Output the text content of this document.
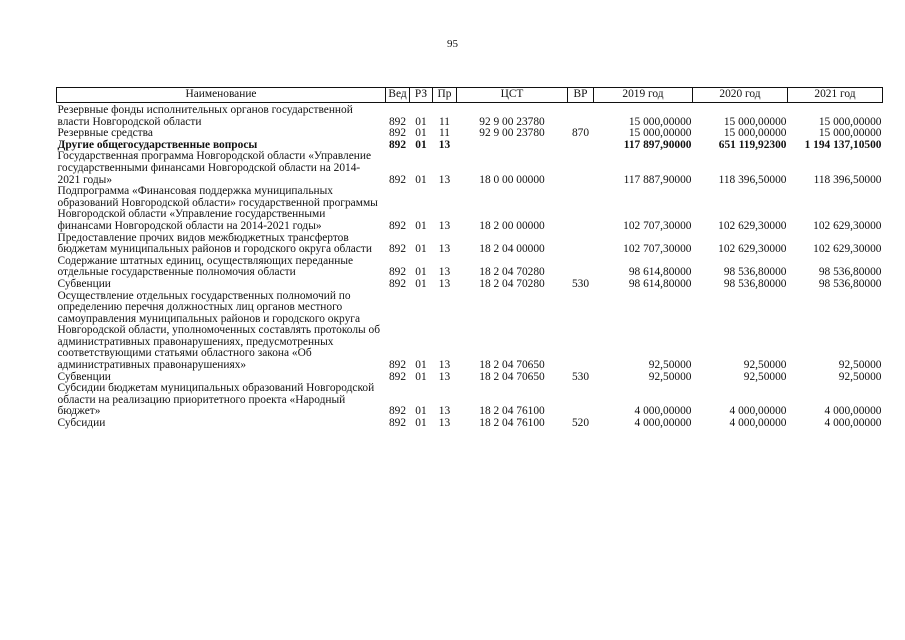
95
Наименование	Вед	РЗ	Пр	ЦСТ	ВР	2019 год	2020 год	2021 год
Резервные фонды исполнительных органов государственной власти Новгородской области	892	01	11	92 9 00 23780		15 000,00000	15 000,00000	15 000,00000
Резервные средства	892	01	11	92 9 00 23780	870	15 000,00000	15 000,00000	15 000,00000
Другие общегосударственные вопросы	892	01	13			117 897,90000	651 119,92300	1 194 137,10500
Государственная программа Новгородской области «Управление государственными финансами Новгородской области на 2014-2021 годы»	892	01	13	18 0 00 00000		117 887,90000	118 396,50000	118 396,50000
Подпрограмма «Финансовая поддержка муниципальных образований Новгородской области» государственной программы Новгородской области «Управление государственными финансами Новгородской области на 2014-2021 годы»	892	01	13	18 2 00 00000		102 707,30000	102 629,30000	102 629,30000
Предоставление прочих видов межбюджетных трансфертов бюджетам муниципальных районов и городского округа области	892	01	13	18 2 04 00000		102 707,30000	102 629,30000	102 629,30000
Содержание штатных единиц, осуществляющих переданные отдельные государственные полномочия области	892	01	13	18 2 04 70280		98 614,80000	98 536,80000	98 536,80000
Субвенции	892	01	13	18 2 04 70280	530	98 614,80000	98 536,80000	98 536,80000
Осуществление отдельных государственных полномочий по определению перечня должностных лиц органов местного самоуправления муниципальных районов и городского округа Новгородской области, уполномоченных составлять протоколы об административных правонарушениях, предусмотренных соответствующими статьями областного закона «Об административных правонарушениях»	892	01	13	18 2 04 70650		92,50000	92,50000	92,50000
Субвенции	892	01	13	18 2 04 70650	530	92,50000	92,50000	92,50000
Субсидии бюджетам муниципальных образований Новгородской области на реализацию приоритетного проекта «Народный бюджет»	892	01	13	18 2 04 76100		4 000,00000	4 000,00000	4 000,00000
Субсидии	892	01	13	18 2 04 76100	520	4 000,00000	4 000,00000	4 000,00000
